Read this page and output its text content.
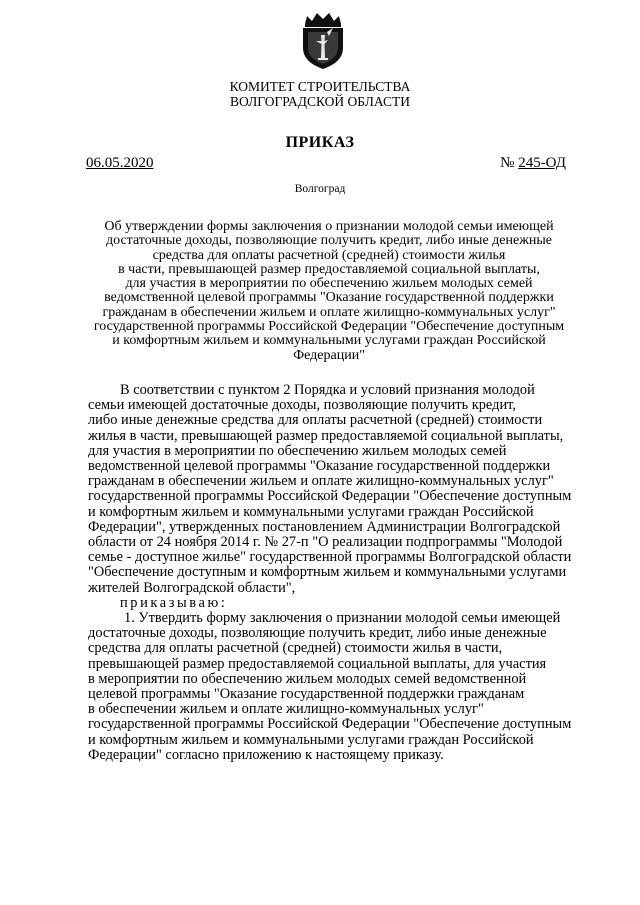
КОМИТЕТ СТРОИТЕЛЬСТВА
ВОЛГОГРАДСКОЙ ОБЛАСТИ
ПРИКАЗ
06.05.2020	№ 245-ОД
Волгоград
Об утверждении формы заключения о признании молодой семьи имеющей
достаточные доходы, позволяющие получить кредит, либо иные денежные
средства для оплаты расчетной (средней) стоимости жилья
в части, превышающей размер предоставляемой социальной выплаты,
для участия в мероприятии по обеспечению жильем молодых семей
ведомственной целевой программы "Оказание государственной поддержки
гражданам в обеспечении жильем и оплате жилищно-коммунальных услуг"
государственной программы Российской Федерации "Обеспечение доступным
и комфортным жильем и коммунальными услугами граждан Российской
Федерации"

В соответствии с пунктом 2 Порядка и условий признания молодой
семьи имеющей достаточные доходы, позволяющие получить кредит,
либо иные денежные средства для оплаты расчетной (средней) стоимости
жилья в части, превышающей размер предоставляемой социальной выплаты,
для участия в мероприятии по обеспечению жильем молодых семей
ведомственной целевой программы "Оказание государственной поддержки
гражданам в обеспечении жильем и оплате жилищно-коммунальных услуг"
государственной программы Российской Федерации "Обеспечение доступным
и комфортным жильем и коммунальными услугами граждан Российской
Федерации", утвержденных постановлением Администрации Волгоградской
области от 24 ноября 2014 г. № 27-п "О реализации подпрограммы "Молодой
семье - доступное жилье" государственной программы Волгоградской области
"Обеспечение доступным и комфортным жильем и коммунальными услугами
жителей Волгоградской области",

приказываю:

1. Утвердить форму заключения о признании молодой семьи имеющей
достаточные доходы, позволяющие получить кредит, либо иные денежные
средства для оплаты расчетной (средней) стоимости жилья в части,
превышающей размер предоставляемой социальной выплаты, для участия
в мероприятии по обеспечению жильем молодых семей ведомственной
целевой программы "Оказание государственной поддержки гражданам
в обеспечении жильем и оплате жилищно-коммунальных услуг"
государственной программы Российской Федерации "Обеспечение доступным
и комфортным жильем и коммунальными услугами граждан Российской
Федерации" согласно приложению к настоящему приказу.
